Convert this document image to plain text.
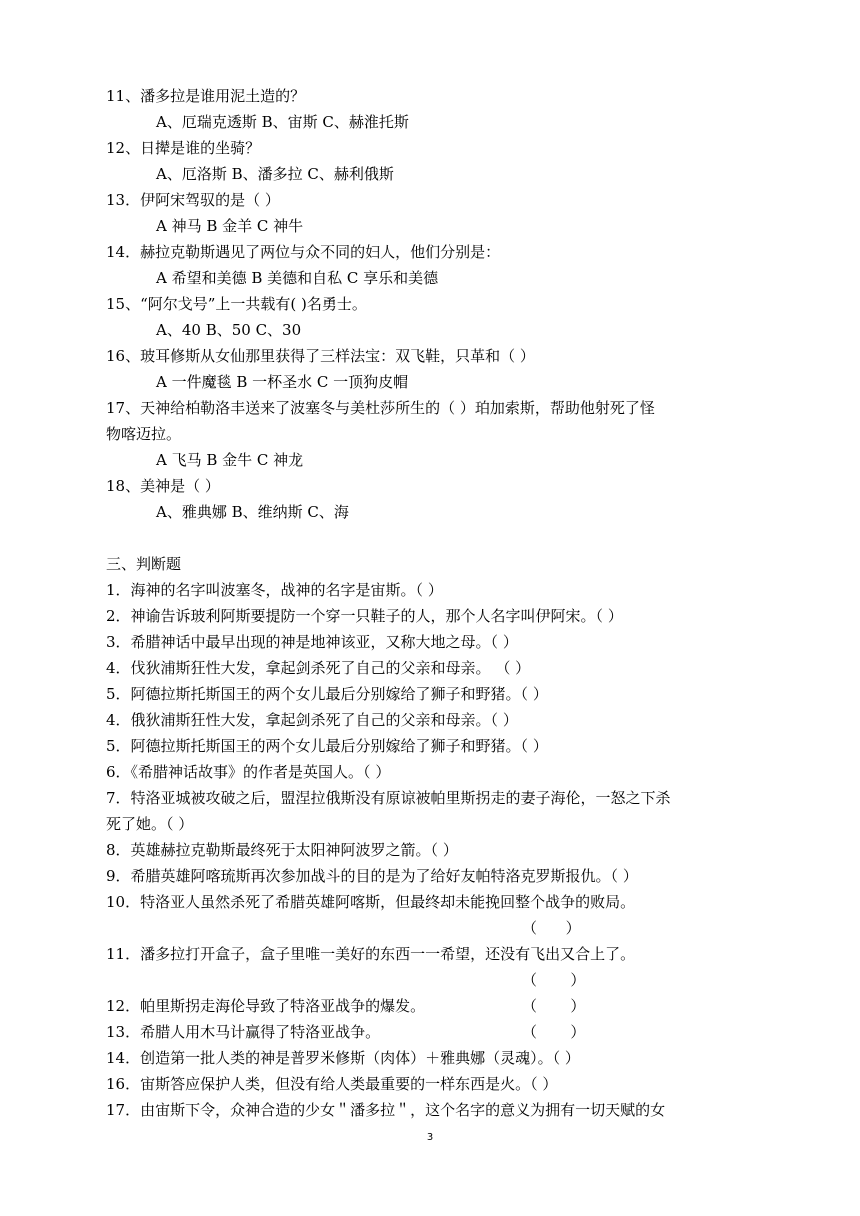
11、潘多拉是谁用泥土造的？
A、厄瑞克透斯 B、宙斯 C、赫淮托斯
12、日撵是谁的坐骑？
A、厄洛斯 B、潘多拉 C、赫利俄斯
13．伊阿宋驾驭的是（ ）
A 神马 B 金羊 C 神牛
14．赫拉克勒斯遇见了两位与众不同的妇人，他们分别是：
A 希望和美德 B 美德和自私 C 享乐和美德
15、“阿尔戈号”上一共载有( )名勇士。
A、40 B、50 C、30
16、玻耳修斯从女仙那里获得了三样法宝：双飞鞋，只革和（ ）
A 一件魔毯 B 一杯圣水 C 一顶狗皮帽
17、天神给柏勒洛丰送来了波塞冬与美杜莎所生的（ ）珀加索斯，帮助他射死了怪
物喀迈拉。
A 飞马 B 金牛 C 神龙
18、美神是（ ）
A、雅典娜 B、维纳斯 C、海
三、判断题
1．海神的名字叫波塞冬，战神的名字是宙斯。（ ）
2．神谕告诉玻利阿斯要提防一个穿一只鞋子的人，那个人名字叫伊阿宋。（ ）
3．希腊神话中最早出现的神是地神该亚，又称大地之母。（ ）
4．伐狄浦斯狂性大发，拿起剑杀死了自己的父亲和母亲。 （ ）
5．阿德拉斯托斯国王的两个女儿最后分别嫁给了狮子和野猪。（ ）
4．俄狄浦斯狂性大发，拿起剑杀死了自己的父亲和母亲。（ ）
5．阿德拉斯托斯国王的两个女儿最后分别嫁给了狮子和野猪。（ ）
6．《希腊神话故事》的作者是英国人。（ ）
7．特洛亚城被攻破之后，盟涅拉俄斯没有原谅被帕里斯拐走的妻子海伦，一怒之下杀
死了她。（ ）
8．英雄赫拉克勒斯最终死于太阳神阿波罗之箭。（ ）
9．希腊英雄阿喀琉斯再次参加战斗的目的是为了给好友帕特洛克罗斯报仇。（ ）
10．特洛亚人虽然杀死了希腊英雄阿喀斯，但最终却未能挽回整个战争的败局。
（      ）
11．潘多拉打开盒子，盒子里唯一美好的东西一一希望，还没有飞出又合上了。
（       ）
12．帕里斯拐走海伦导致了特洛亚战争的爆发。	（       ）
13．希腊人用木马计赢得了特洛亚战争。	（       ）
14．创造第一批人类的神是普罗米修斯（肉体）＋雅典娜（灵魂）。（ ）
16．宙斯答应保护人类，但没有给人类最重要的一样东西是火。（ ）
17．由宙斯下令，众神合造的少女＂潘多拉＂，这个名字的意义为拥有一切天赋的女
3
